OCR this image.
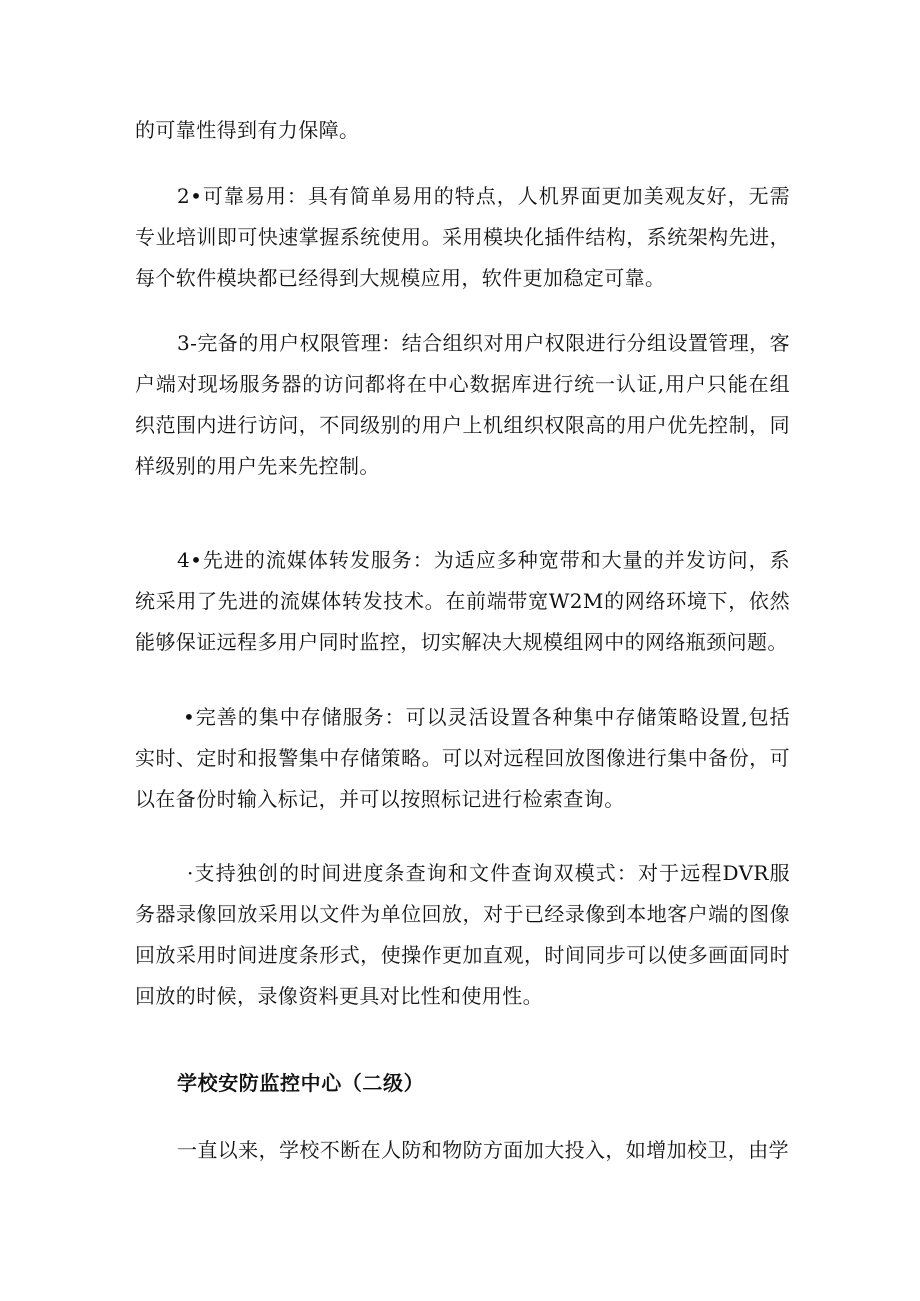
的可靠性得到有力保障。

2•可靠易用：具有简单易用的特点，人机界面更加美观友好，无需专业培训即可快速掌握系统使用。采用模块化插件结构，系统架构先进，每个软件模块都已经得到大规模应用，软件更加稳定可靠。

3-完备的用户权限管理：结合组织对用户权限进行分组设置管理，客户端对现场服务器的访问都将在中心数据库进行统一认证,用户只能在组织范围内进行访问，不同级别的用户上机组织权限高的用户优先控制，同样级别的用户先来先控制。

4•先进的流媒体转发服务：为适应多种宽带和大量的并发访问，系统采用了先进的流媒体转发技术。在前端带宽W2M的网络环境下，依然能够保证远程多用户同时监控，切实解决大规模组网中的网络瓶颈问题。

•完善的集中存储服务：可以灵活设置各种集中存储策略设置,包括实时、定时和报警集中存储策略。可以对远程回放图像进行集中备份，可以在备份时输入标记，并可以按照标记进行检索查询。

·支持独创的时间进度条查询和文件查询双模式：对于远程DVR服务器录像回放采用以文件为单位回放，对于已经录像到本地客户端的图像回放采用时间进度条形式，使操作更加直观，时间同步可以使多画面同时回放的时候，录像资料更具对比性和使用性。

学校安防监控中心（二级）

一直以来，学校不断在人防和物防方面加大投入，如增加校卫，由学
